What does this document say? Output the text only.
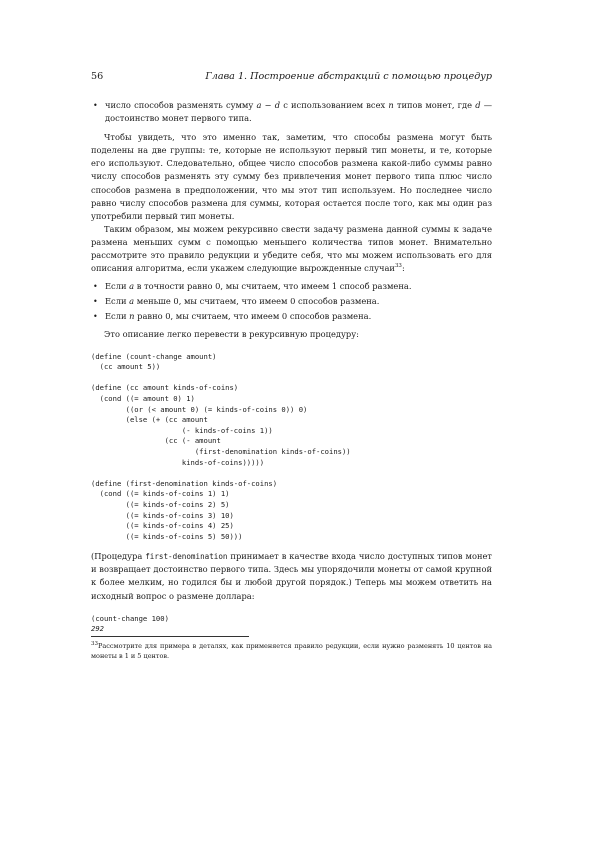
56	Глава 1. Построение абстракций с помощью процедур

• число способов разменять сумму a − d с использованием всех n типов монет, где d — достоинство монет первого типа.

Чтобы увидеть, что это именно так, заметим, что способы размена могут быть поделены на две группы: те, которые не используют первый тип монеты, и те, которые его используют. Следовательно, общее число способов размена какой-либо суммы равно числу способов разменять эту сумму без привлечения монет первого типа плюс число способов размена в предположении, что мы этот тип используем. Но последнее число равно числу способов размена для суммы, которая остается после того, как мы один раз употребили первый тип монеты.

Таким образом, мы можем рекурсивно свести задачу размена данной суммы к задаче размена меньших сумм с помощью меньшего количества типов монет. Внимательно рассмотрите это правило редукции и убедите себя, что мы можем использовать его для описания алгоритма, если укажем следующие вырожденные случаи$^{33}$:

• Если a в точности равно 0, мы считаем, что имеем 1 способ размена.

• Если a меньше 0, мы считаем, что имеем 0 способов размена.

• Если n равно 0, мы считаем, что имеем 0 способов размена.

Это описание легко перевести в рекурсивную процедуру:

(define (count-change amount)
(cc amount 5))
(define (cc amount kinds-of-coins)
(cond ((= amount 0) 1)
((or (< amount 0) (= kinds-of-coins 0)) 0)
(else (+ (cc amount
(- kinds-of-coins 1))
(cc (- amount
(first-denomination kinds-of-coins))
kinds-of-coins)))))
(define (first-denomination kinds-of-coins)
(cond ((= kinds-of-coins 1) 1)
((= kinds-of-coins 2) 5)
((= kinds-of-coins 3) 10)
((= kinds-of-coins 4) 25)
((= kinds-of-coins 5) 50)))

(Процедура first-denomination принимает в качестве входа число доступных типов монет и возвращает достоинство первого типа. Здесь мы упорядочили монеты от самой крупной к более мелким, но годился бы и любой другой порядок.) Теперь мы можем ответить на исходный вопрос о размене доллара:

(count-change 100)
292
$^{33}$Рассмотрите для примера в деталях, как применяется правило редукции, если нужно разменять 10 центов на монеты в 1 и 5 центов.
